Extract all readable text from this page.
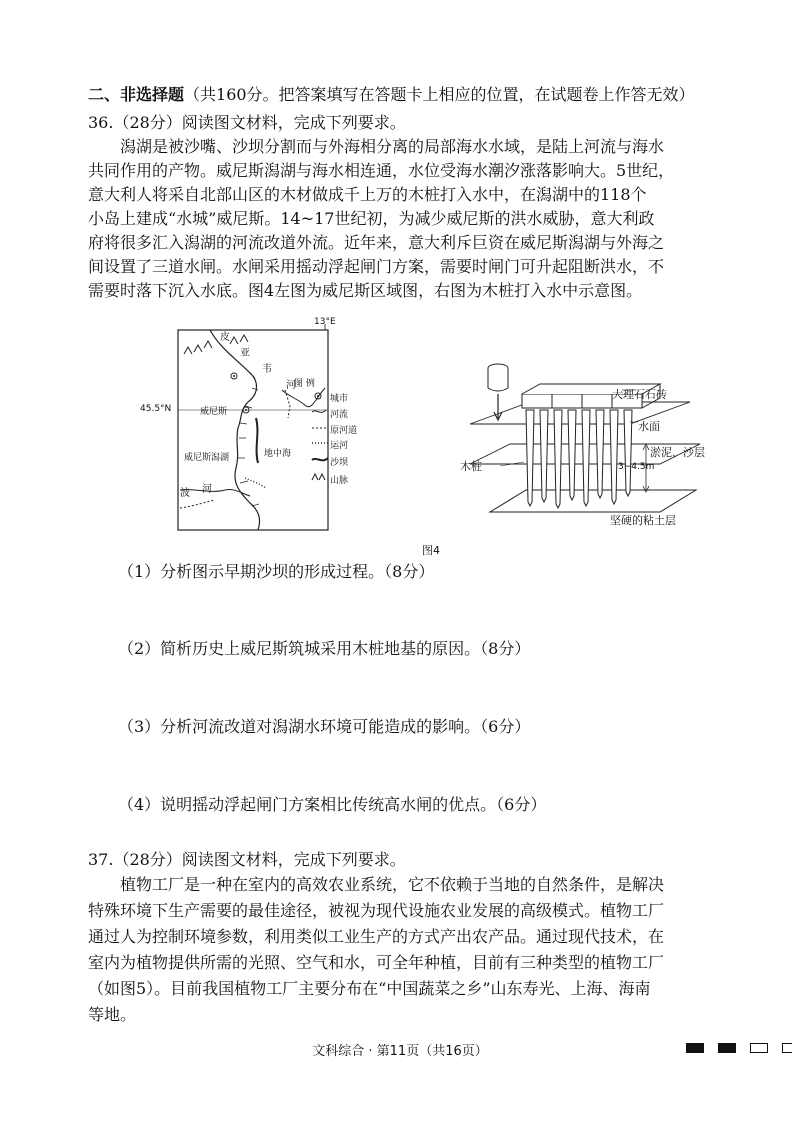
二、非选择题（共160分。把答案填写在答题卡上相应的位置，在试题卷上作答无效）
36.（28分）阅读图文材料，完成下列要求。
潟湖是被沙嘴、沙坝分割而与外海相分离的局部海水水域，是陆上河流与海水
共同作用的产物。威尼斯潟湖与海水相连通，水位受海水潮汐涨落影响大。5世纪，
意大利人将采自北部山区的木材做成千上万的木桩打入水中，在潟湖中的118个
小岛上建成“水城”威尼斯。14~17世纪初，为减少威尼斯的洪水威胁，意大利政
府将很多汇入潟湖的河流改道外流。近年来，意大利斥巨资在威尼斯潟湖与外海之
间设置了三道水闸。水闸采用摇动浮起闸门方案，需要时闸门可升起阻断洪水，不
需要时落下沉入水底。图4左图为威尼斯区域图，右图为木桩打入水中示意图。
13°E
45.5°N
皮
亚
韦
河
威尼斯
威尼斯潟湖	地中海
波 河
图 例
城市
河流
原河道
运河
沙坝
山脉
大理石石砖
水面
淤泥、沙层
3~4.5m
木桩
坚硬的粘土层
图4
（1）分析图示早期沙坝的形成过程。（8分）
（2）简析历史上威尼斯筑城采用木桩地基的原因。（8分）
（3）分析河流改道对潟湖水环境可能造成的影响。（6分）
（4）说明摇动浮起闸门方案相比传统高水闸的优点。（6分）
37.（28分）阅读图文材料，完成下列要求。
植物工厂是一种在室内的高效农业系统，它不依赖于当地的自然条件，是解决
特殊环境下生产需要的最佳途径，被视为现代设施农业发展的高级模式。植物工厂
通过人为控制环境参数，利用类似工业生产的方式产出农产品。通过现代技术，在
室内为植物提供所需的光照、空气和水，可全年种植，目前有三种类型的植物工厂
（如图5）。目前我国植物工厂主要分布在“中国蔬菜之乡”山东寿光、上海、海南
等地。
文科综合 · 第11页（共16页）
